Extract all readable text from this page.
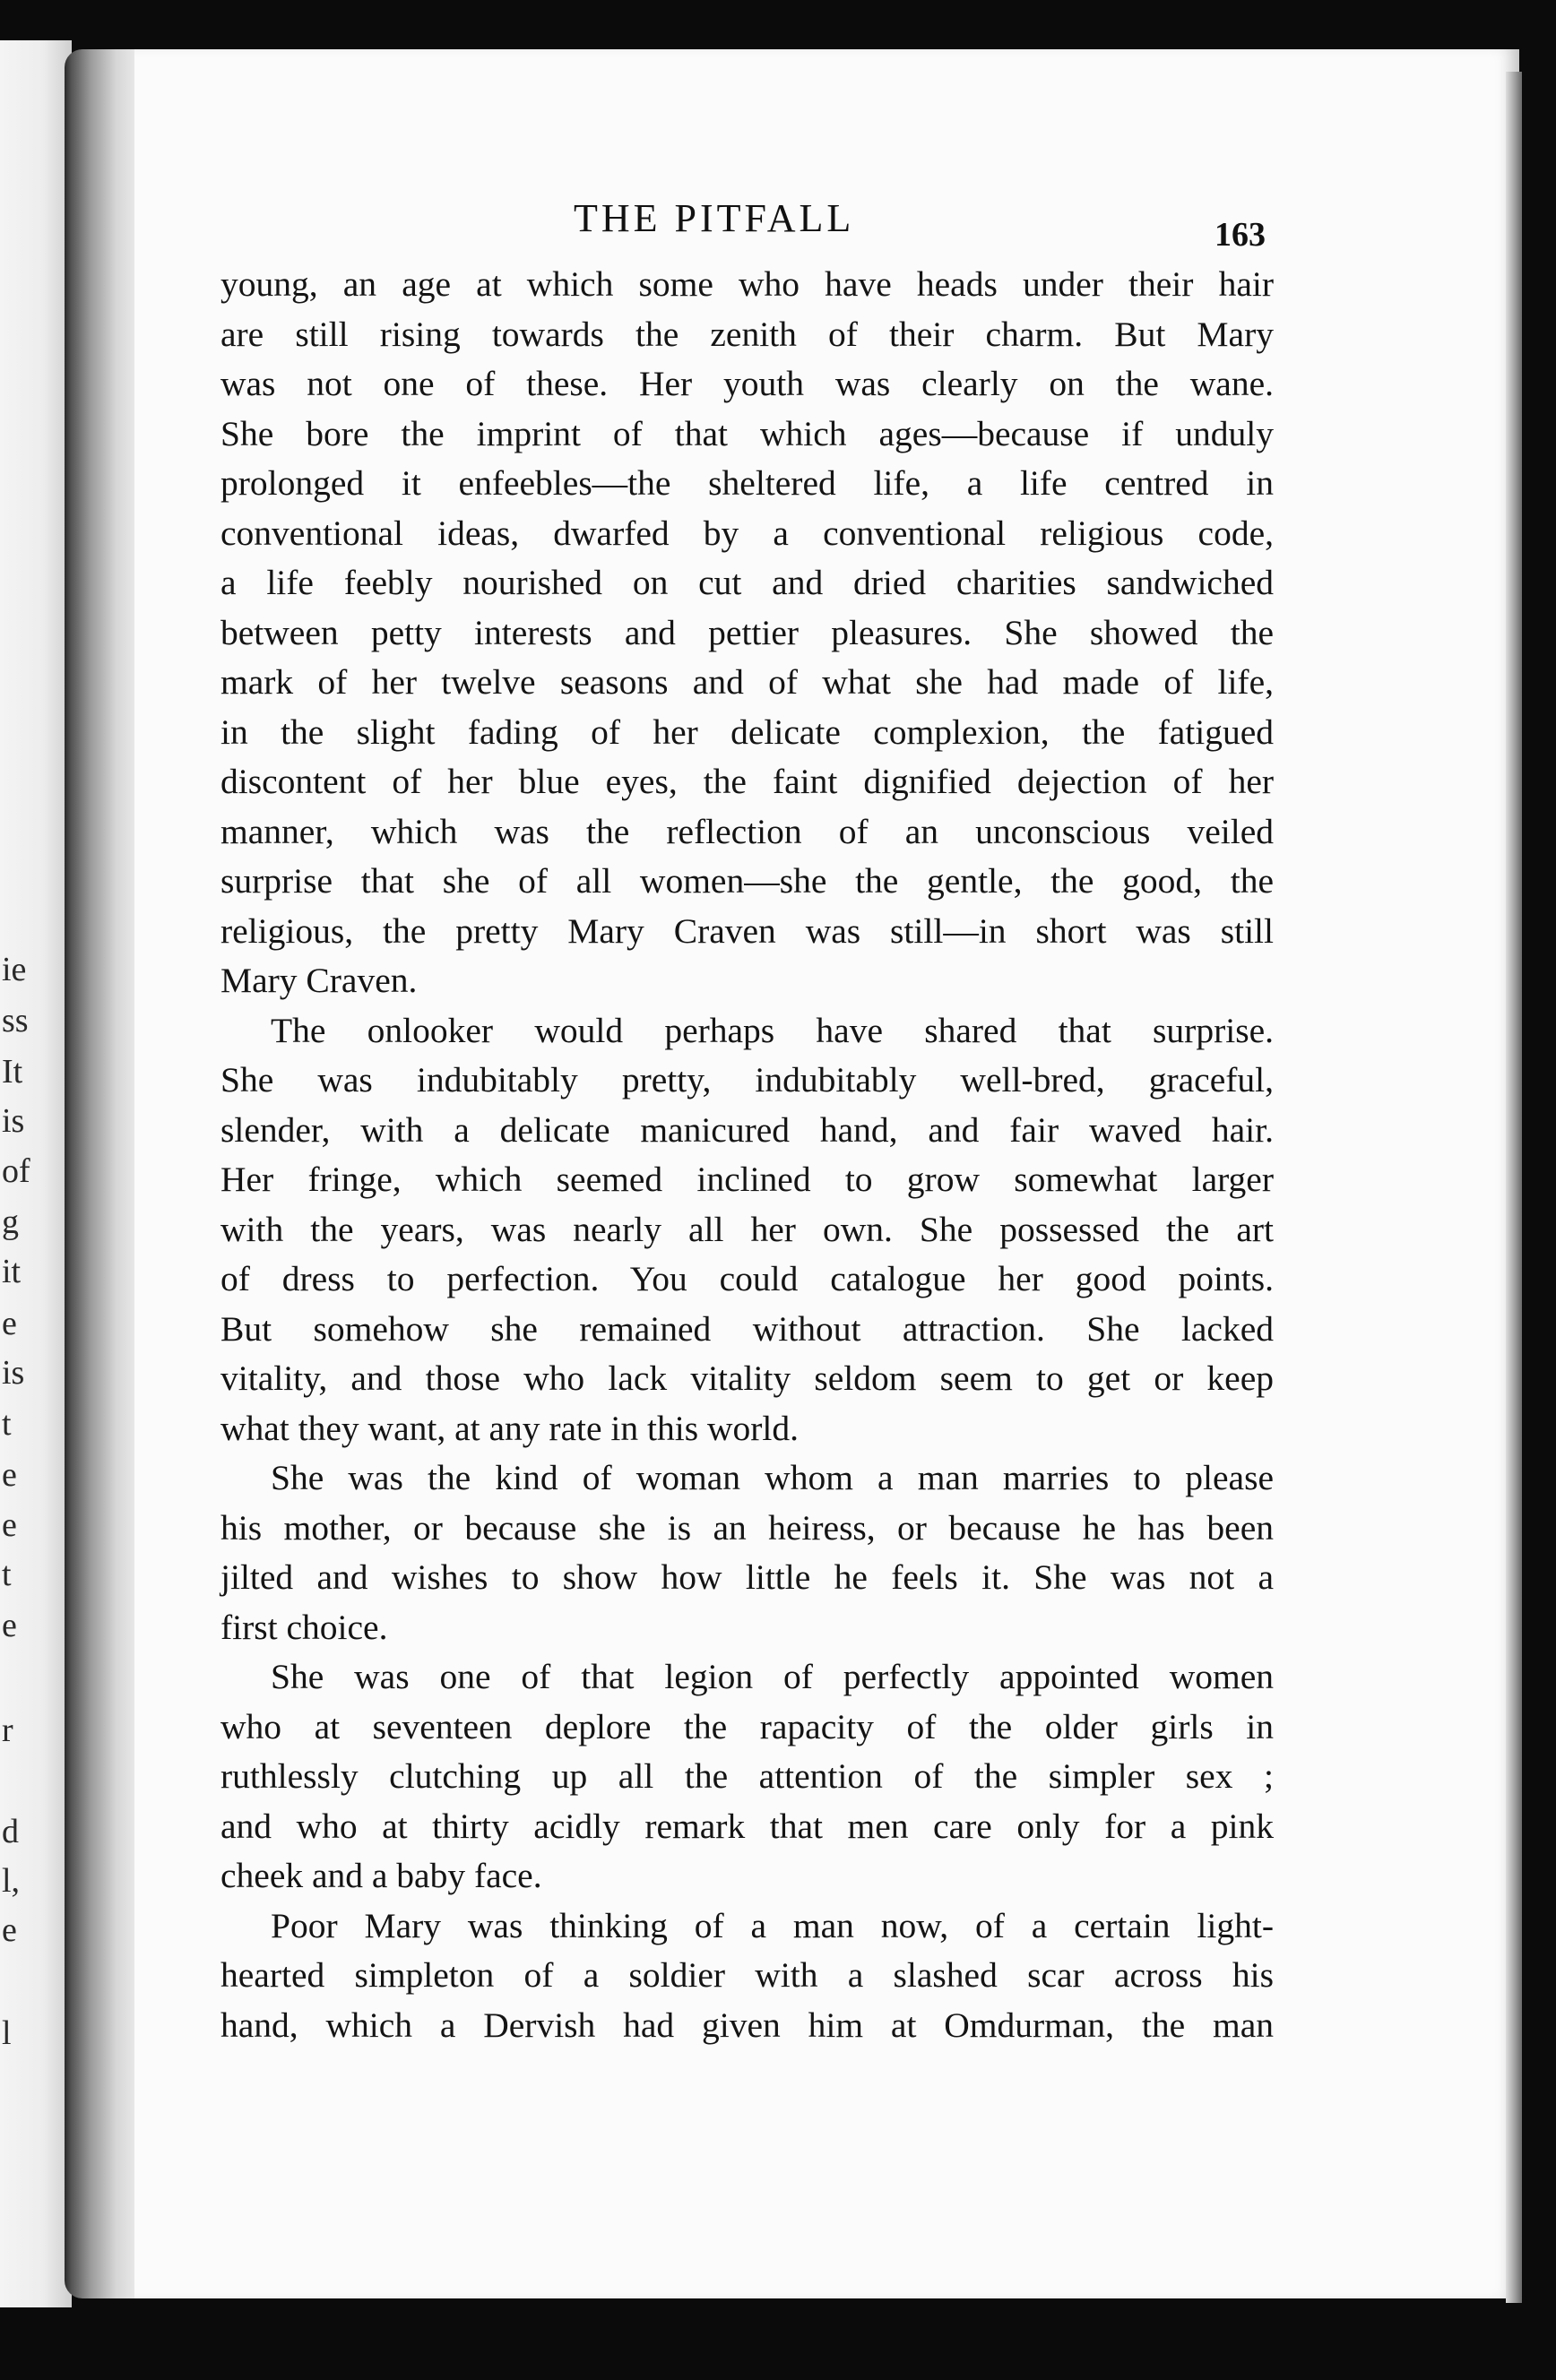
ie
ss
It
is
of
g
it
e
is
t
e
e
t
e
r
d
l,
e
l
THE PITFALL	163
young, an age at which some who have heads under their hair
are still rising towards the zenith of their charm. But Mary
was not one of these. Her youth was clearly on the wane.
She bore the imprint of that which ages—because if unduly
prolonged it enfeebles—the sheltered life, a life centred in
conventional ideas, dwarfed by a conventional religious code,
a life feebly nourished on cut and dried charities sandwiched
between petty interests and pettier pleasures. She showed the
mark of her twelve seasons and of what she had made of life,
in the slight fading of her delicate complexion, the fatigued
discontent of her blue eyes, the faint dignified dejection of her
manner, which was the reflection of an unconscious veiled
surprise that she of all women—she the gentle, the good, the
religious, the pretty Mary Craven was still—in short was still
Mary Craven.
The onlooker would perhaps have shared that surprise.
She was indubitably pretty, indubitably well-bred, graceful,
slender, with a delicate manicured hand, and fair waved hair.
Her fringe, which seemed inclined to grow somewhat larger
with the years, was nearly all her own. She possessed the art
of dress to perfection. You could catalogue her good points.
But somehow she remained without attraction. She lacked
vitality, and those who lack vitality seldom seem to get or keep
what they want, at any rate in this world.
She was the kind of woman whom a man marries to please
his mother, or because she is an heiress, or because he has been
jilted and wishes to show how little he feels it. She was not a
first choice.
She was one of that legion of perfectly appointed women
who at seventeen deplore the rapacity of the older girls in
ruthlessly clutching up all the attention of the simpler sex ;
and who at thirty acidly remark that men care only for a pink
cheek and a baby face.
Poor Mary was thinking of a man now, of a certain light-
hearted simpleton of a soldier with a slashed scar across his
hand, which a Dervish had given him at Omdurman, the man
